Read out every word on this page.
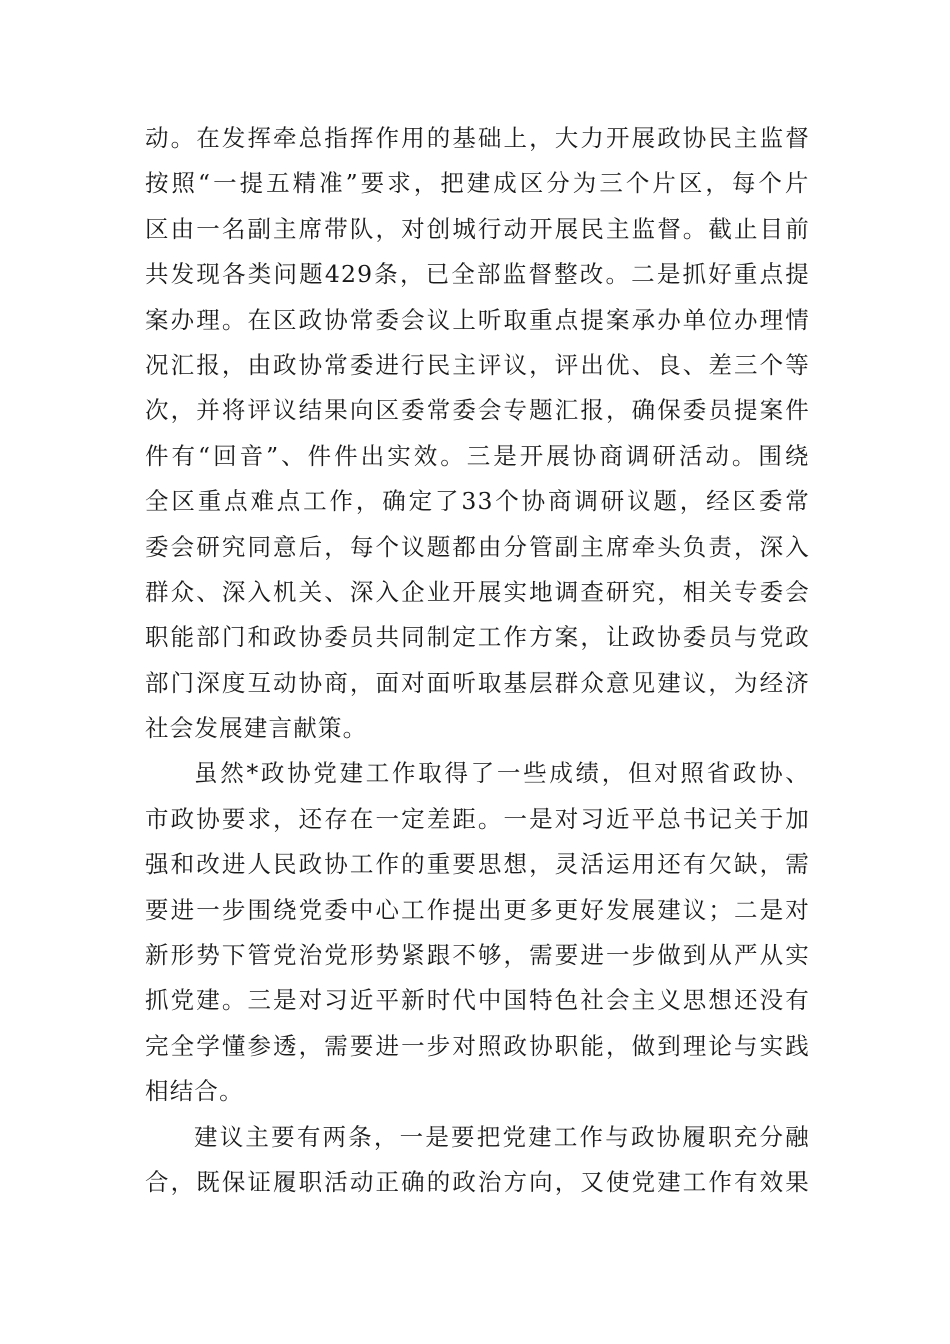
动 。 在 发 挥 牵 总 指 挥 作 用 的 基 础 上 ， 大 力 开 展 政 协 民 主 监 督
按 照 “ 一 提 五 精 准 ” 要 求 ， 把 建 成 区 分 为 三 个 片 区 ， 每 个 片
区 由 一 名 副 主 席 带 队 ， 对 创 城 行 动 开 展 民 主 监 督 。 截 止 目 前
共 发 现 各 类 问 题 429 条 ， 已 全 部 监 督 整 改 。 二 是 抓 好 重 点 提
案 办 理 。 在 区 政 协 常 委 会 议 上 听 取 重 点 提 案 承 办 单 位 办 理 情
况 汇 报 ， 由 政 协 常 委 进 行 民 主 评 议 ， 评 出 优 、 良 、 差 三 个 等
次 ， 并 将 评 议 结 果 向 区 委 常 委 会 专 题 汇 报 ， 确 保 委 员 提 案 件
件 有 “ 回 音 ” 、 件 件 出 实 效 。 三 是 开 展 协 商 调 研 活 动 。 围 绕
全 区 重 点 难 点 工 作 ， 确 定 了 33 个 协 商 调 研 议 题 ， 经 区 委 常
委 会 研 究 同 意 后 ， 每 个 议 题 都 由 分 管 副 主 席 牵 头 负 责 ， 深 入
群 众 、 深 入 机 关 、 深 入 企 业 开 展 实 地 调 查 研 究 ， 相 关 专 委 会
职 能 部 门 和 政 协 委 员 共 同 制 定 工 作 方 案 ， 让 政 协 委 员 与 党 政
部 门 深 度 互 动 协 商 ， 面 对 面 听 取 基 层 群 众 意 见 建 议 ， 为 经 济
社会发展建言献策。
虽 然 * 政 协 党 建 工 作 取 得 了 一 些 成 绩 ， 但 对 照 省 政 协 、
市 政 协 要 求 ， 还 存 在 一 定 差 距 。 一 是 对 习 近 平 总 书 记 关 于 加
强 和 改 进 人 民 政 协 工 作 的 重 要 思 想 ， 灵 活 运 用 还 有 欠 缺 ， 需
要 进 一 步 围 绕 党 委 中 心 工 作 提 出 更 多 更 好 发 展 建 议 ； 二 是 对
新 形 势 下 管 党 治 党 形 势 紧 跟 不 够 ， 需 要 进 一 步 做 到 从 严 从 实
抓 党 建 。 三 是 对 习 近 平 新 时 代 中 国 特 色 社 会 主 义 思 想 还 没 有
完 全 学 懂 参 透 ， 需 要 进 一 步 对 照 政 协 职 能 ， 做 到 理 论 与 实 践
相结合。
建 议 主 要 有 两 条 ， 一 是 要 把 党 建 工 作 与 政 协 履 职 充 分 融
合 ， 既 保 证 履 职 活 动 正 确 的 政 治 方 向 ， 又 使 党 建 工 作 有 效 果
